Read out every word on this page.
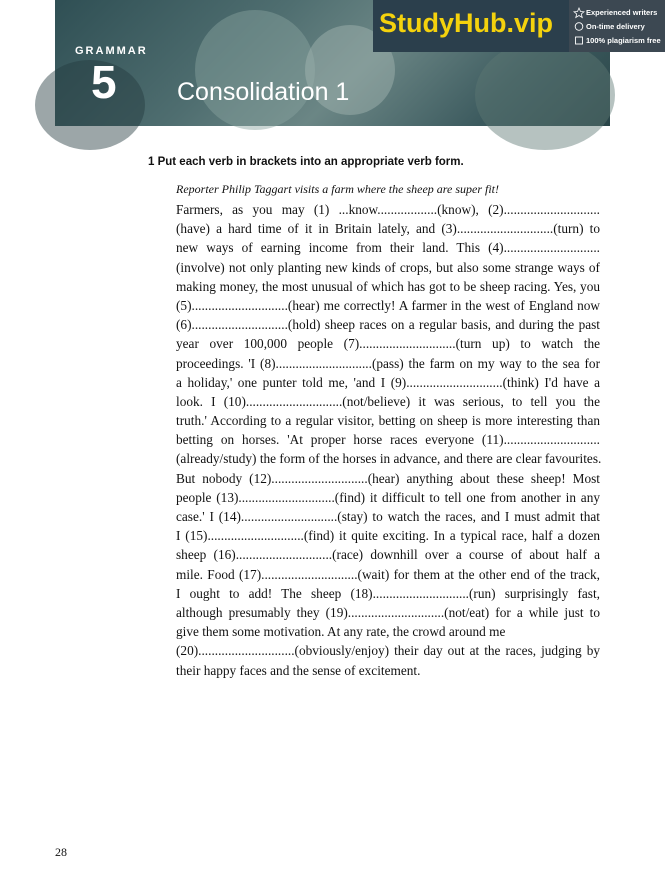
GRAMMAR
5 Consolidation 1
StudyHub.vip	Experienced writers
On-time delivery
100% plagiarism free
1 Put each verb in brackets into an appropriate verb form.
Reporter Philip Taggart visits a farm where the sheep are super fit!
Farmers, as you may (1) ...know..................(know), (2).............................
(have) a hard time of it in Britain lately, and (3).............................(turn) to
new ways of earning income from their land. This (4).............................
(involve) not only planting new kinds of crops, but also some strange ways of
making money, the most unusual of which has got to be sheep racing. Yes, you
(5).............................(hear) me correctly! A farmer in the west of England now
(6).............................(hold) sheep races on a regular basis, and during the past
year over 100,000 people (7).............................(turn up) to watch the
proceedings. 'I (8).............................(pass) the farm on my way to the sea for
a holiday,' one punter told me, 'and I (9).............................(think) I'd have a
look. I (10).............................(not/believe) it was serious, to tell you the
truth.' According to a regular visitor, betting on sheep is more interesting than
betting on horses. 'At proper horse races everyone (11).............................
(already/study) the form of the horses in advance, and there are clear favourites.
But nobody (12).............................(hear) anything about these sheep! Most
people (13).............................(find) it difficult to tell one from another in any
case.' I (14).............................(stay) to watch the races, and I must admit that
I (15).............................(find) it quite exciting. In a typical race, half a dozen
sheep (16).............................(race) downhill over a course of about half a
mile. Food (17).............................(wait) for them at the other end of the track,
I ought to add! The sheep (18).............................(run) surprisingly fast,
although presumably they (19).............................(not/eat) for a while just to
give them some motivation. At any rate, the crowd around me
(20).............................(obviously/enjoy) their day out at the races, judging by
their happy faces and the sense of excitement.
28
